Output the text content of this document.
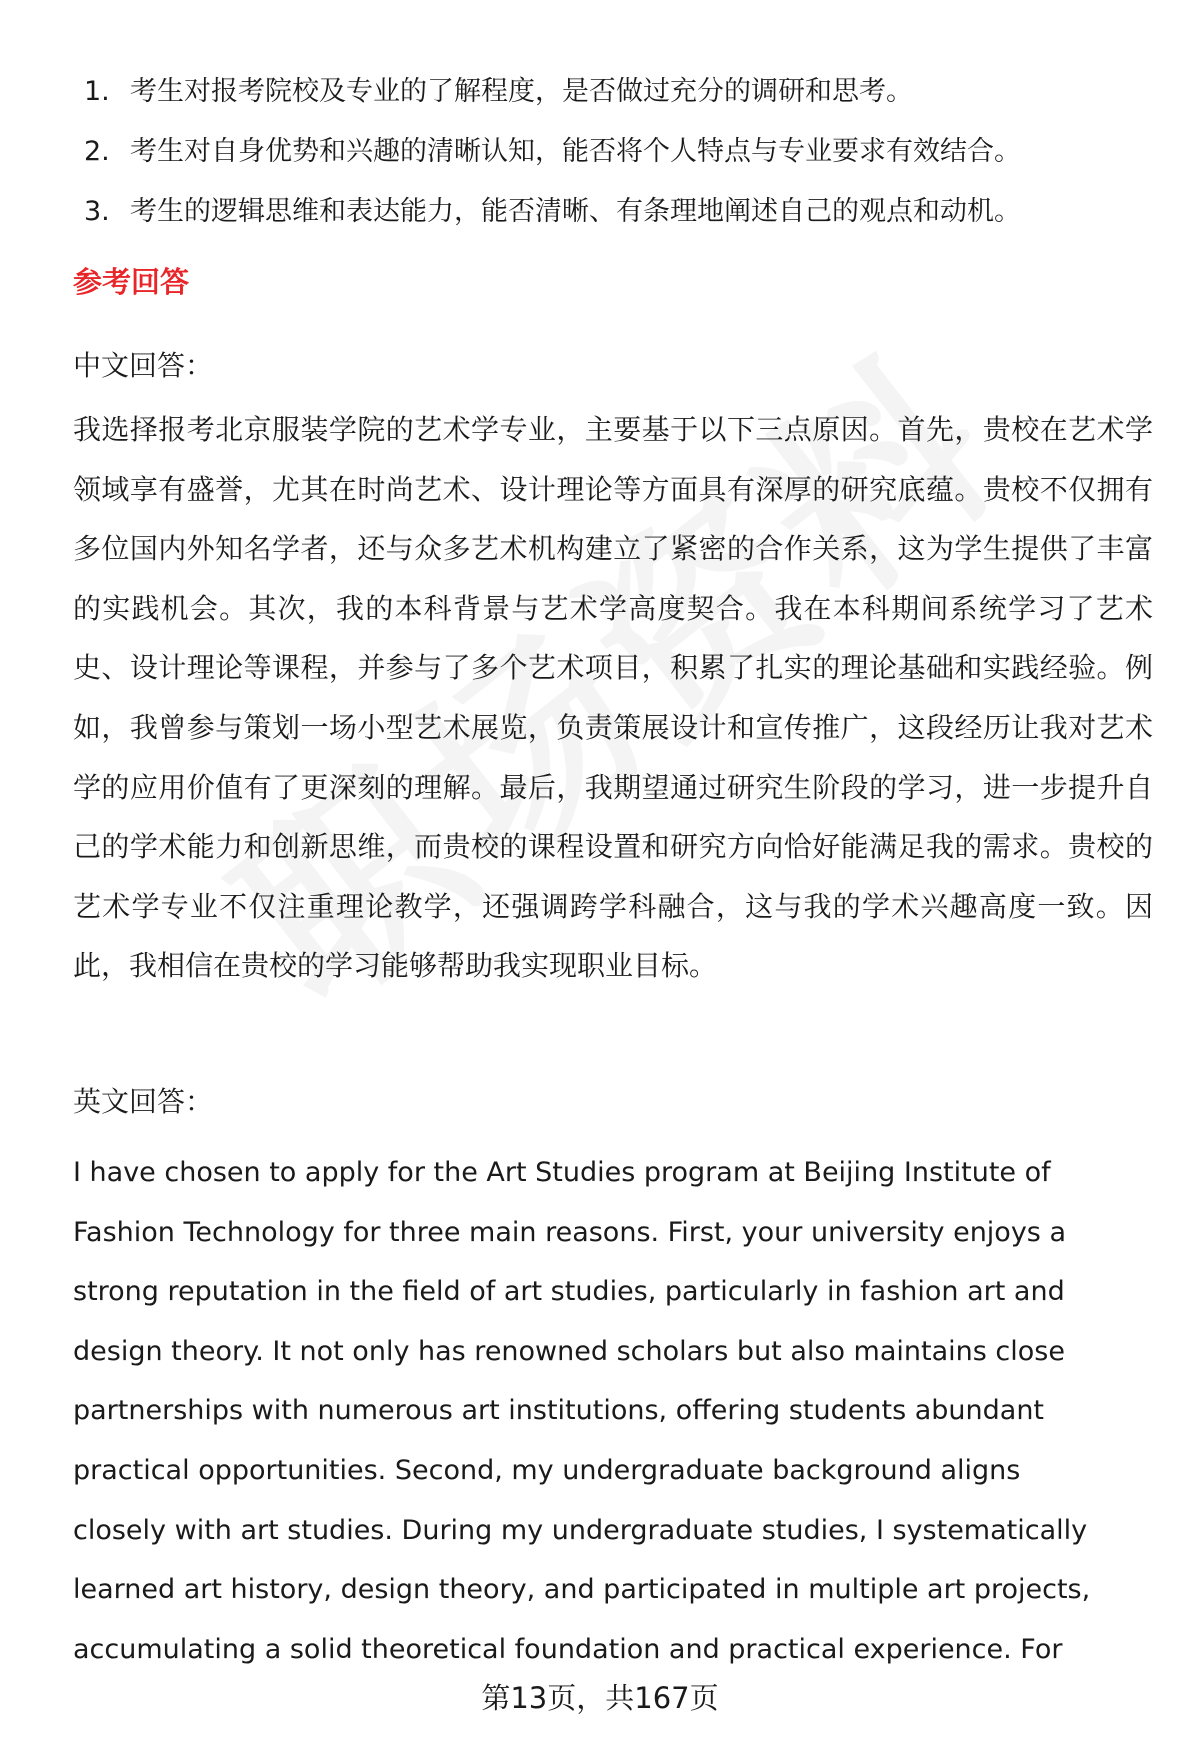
1. 考生对报考院校及专业的了解程度，是否做过充分的调研和思考。
2. 考生对自身优势和兴趣的清晰认知，能否将个人特点与专业要求有效结合。
3. 考生的逻辑思维和表达能力，能否清晰、有条理地阐述自己的观点和动机。
参考回答
中文回答：

我选择报考北京服装学院的艺术学专业，主要基于以下三点原因。首先，贵校在艺术学领域享有盛誉，尤其在时尚艺术、设计理论等方面具有深厚的研究底蕴。贵校不仅拥有多位国内外知名学者，还与众多艺术机构建立了紧密的合作关系，这为学生提供了丰富的实践机会。其次，我的本科背景与艺术学高度契合。我在本科期间系统学习了艺术史、设计理论等课程，并参与了多个艺术项目，积累了扎实的理论基础和实践经验。例如，我曾参与策划一场小型艺术展览，负责策展设计和宣传推广，这段经历让我对艺术学的应用价值有了更深刻的理解。最后，我期望通过研究生阶段的学习，进一步提升自己的学术能力和创新思维，而贵校的课程设置和研究方向恰好能满足我的需求。贵校的艺术学专业不仅注重理论教学，还强调跨学科融合，这与我的学术兴趣高度一致。因此，我相信在贵校的学习能够帮助我实现职业目标。

英文回答：
I have chosen to apply for the Art Studies program at Beijing Institute of
Fashion Technology for three main reasons. First, your university enjoys a
strong reputation in the field of art studies, particularly in fashion art and
design theory. It not only has renowned scholars but also maintains close
partnerships with numerous art institutions, offering students abundant
practical opportunities. Second, my undergraduate background aligns
closely with art studies. During my undergraduate studies, I systematically
learned art history, design theory, and participated in multiple art projects,
accumulating a solid theoretical foundation and practical experience. For
第13页，共167页
